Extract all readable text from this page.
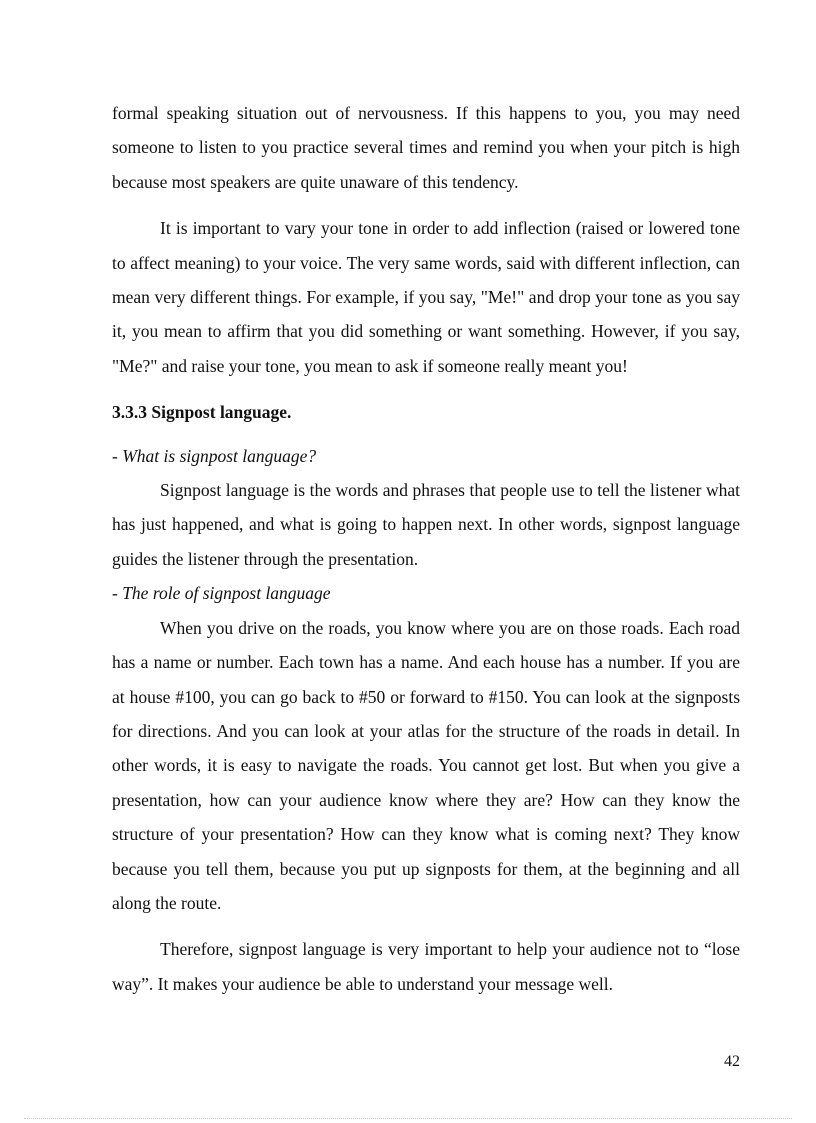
formal speaking situation out of nervousness. If this happens to you, you may need someone to listen to you practice several times and remind you when your pitch is high because most speakers are quite unaware of this tendency.

It is important to vary your tone in order to add inflection (raised or lowered tone to affect meaning) to your voice. The very same words, said with different inflection, can mean very different things. For example, if you say, "Me!" and drop your tone as you say it, you mean to affirm that you did something or want something. However, if you say, "Me?" and raise your tone, you mean to ask if someone really meant you!

3.3.3 Signpost language.

- What is signpost language?

Signpost language is the words and phrases that people use to tell the listener what has just happened, and what is going to happen next. In other words, signpost language guides the listener through the presentation.

- The role of signpost language

When you drive on the roads, you know where you are on those roads. Each road has a name or number. Each town has a name. And each house has a number. If you are at house #100, you can go back to #50 or forward to #150. You can look at the signposts for directions. And you can look at your atlas for the structure of the roads in detail. In other words, it is easy to navigate the roads. You cannot get lost. But when you give a presentation, how can your audience know where they are? How can they know the structure of your presentation? How can they know what is coming next? They know because you tell them, because you put up signposts for them, at the beginning and all along the route.

Therefore, signpost language is very important to help your audience not to “lose way”. It makes your audience be able to understand your message well.

42
